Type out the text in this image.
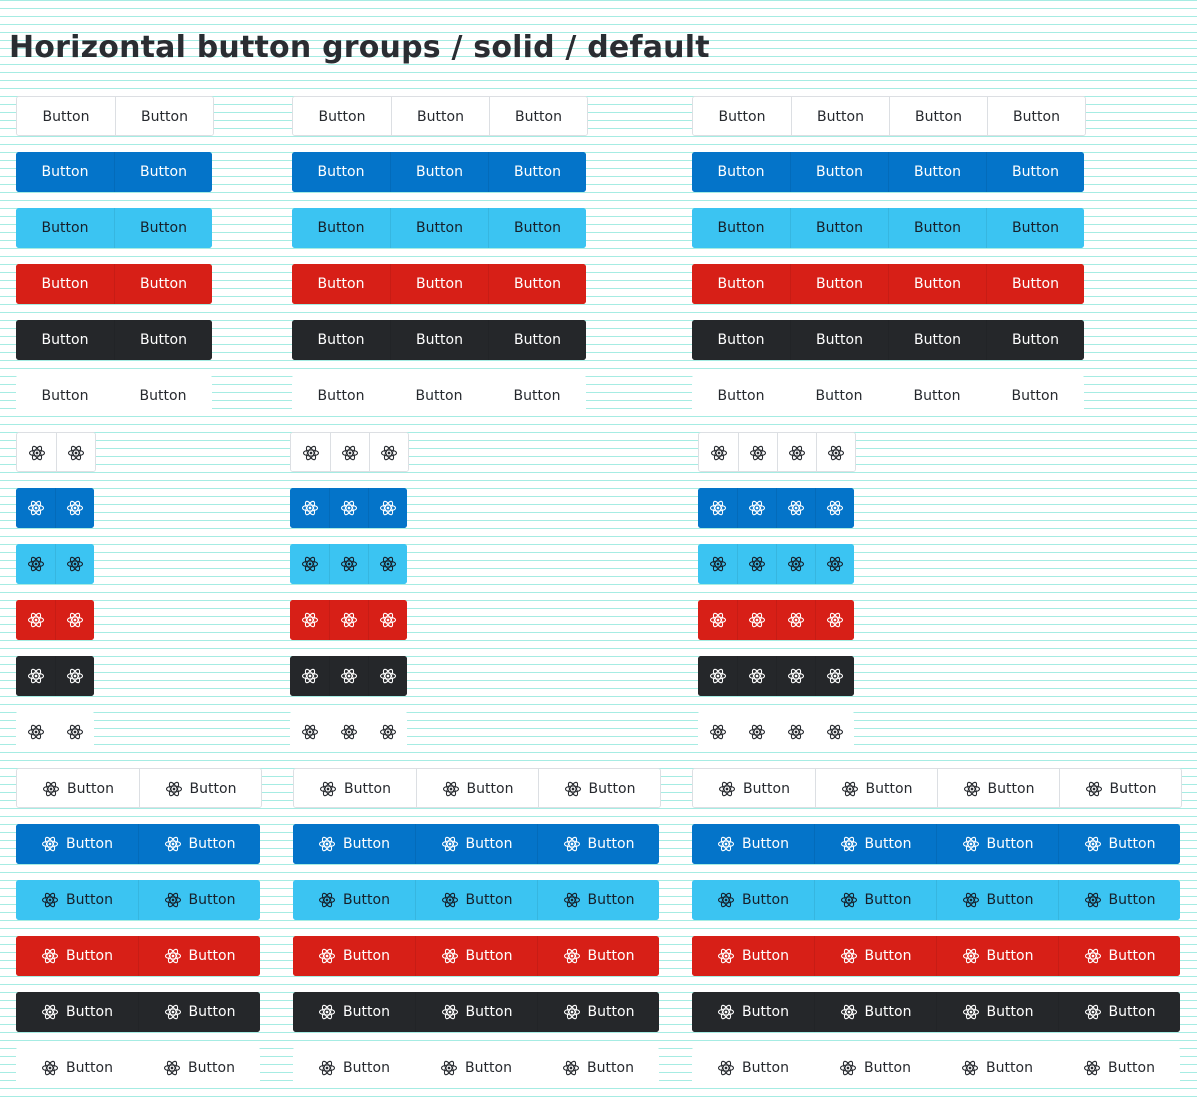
Horizontal button groups / solid / default
Button	Button	Button	Button	Button	Button	Button	Button	Button
Button	Button	Button	Button	Button	Button	Button	Button	Button
Button	Button	Button	Button	Button	Button	Button	Button	Button
Button	Button	Button	Button	Button	Button	Button	Button	Button
Button	Button	Button	Button	Button	Button	Button	Button	Button
Button	Button	Button	Button	Button	Button	Button	Button	Button
Button	Button	Button	Button	Button	Button	Button	Button	Button
Button	Button	Button	Button	Button	Button	Button	Button	Button
Button	Button	Button	Button	Button	Button	Button	Button	Button
Button	Button	Button	Button	Button	Button	Button	Button	Button
Button	Button	Button	Button	Button	Button	Button	Button	Button
Button	Button	Button	Button	Button	Button	Button	Button	Button
